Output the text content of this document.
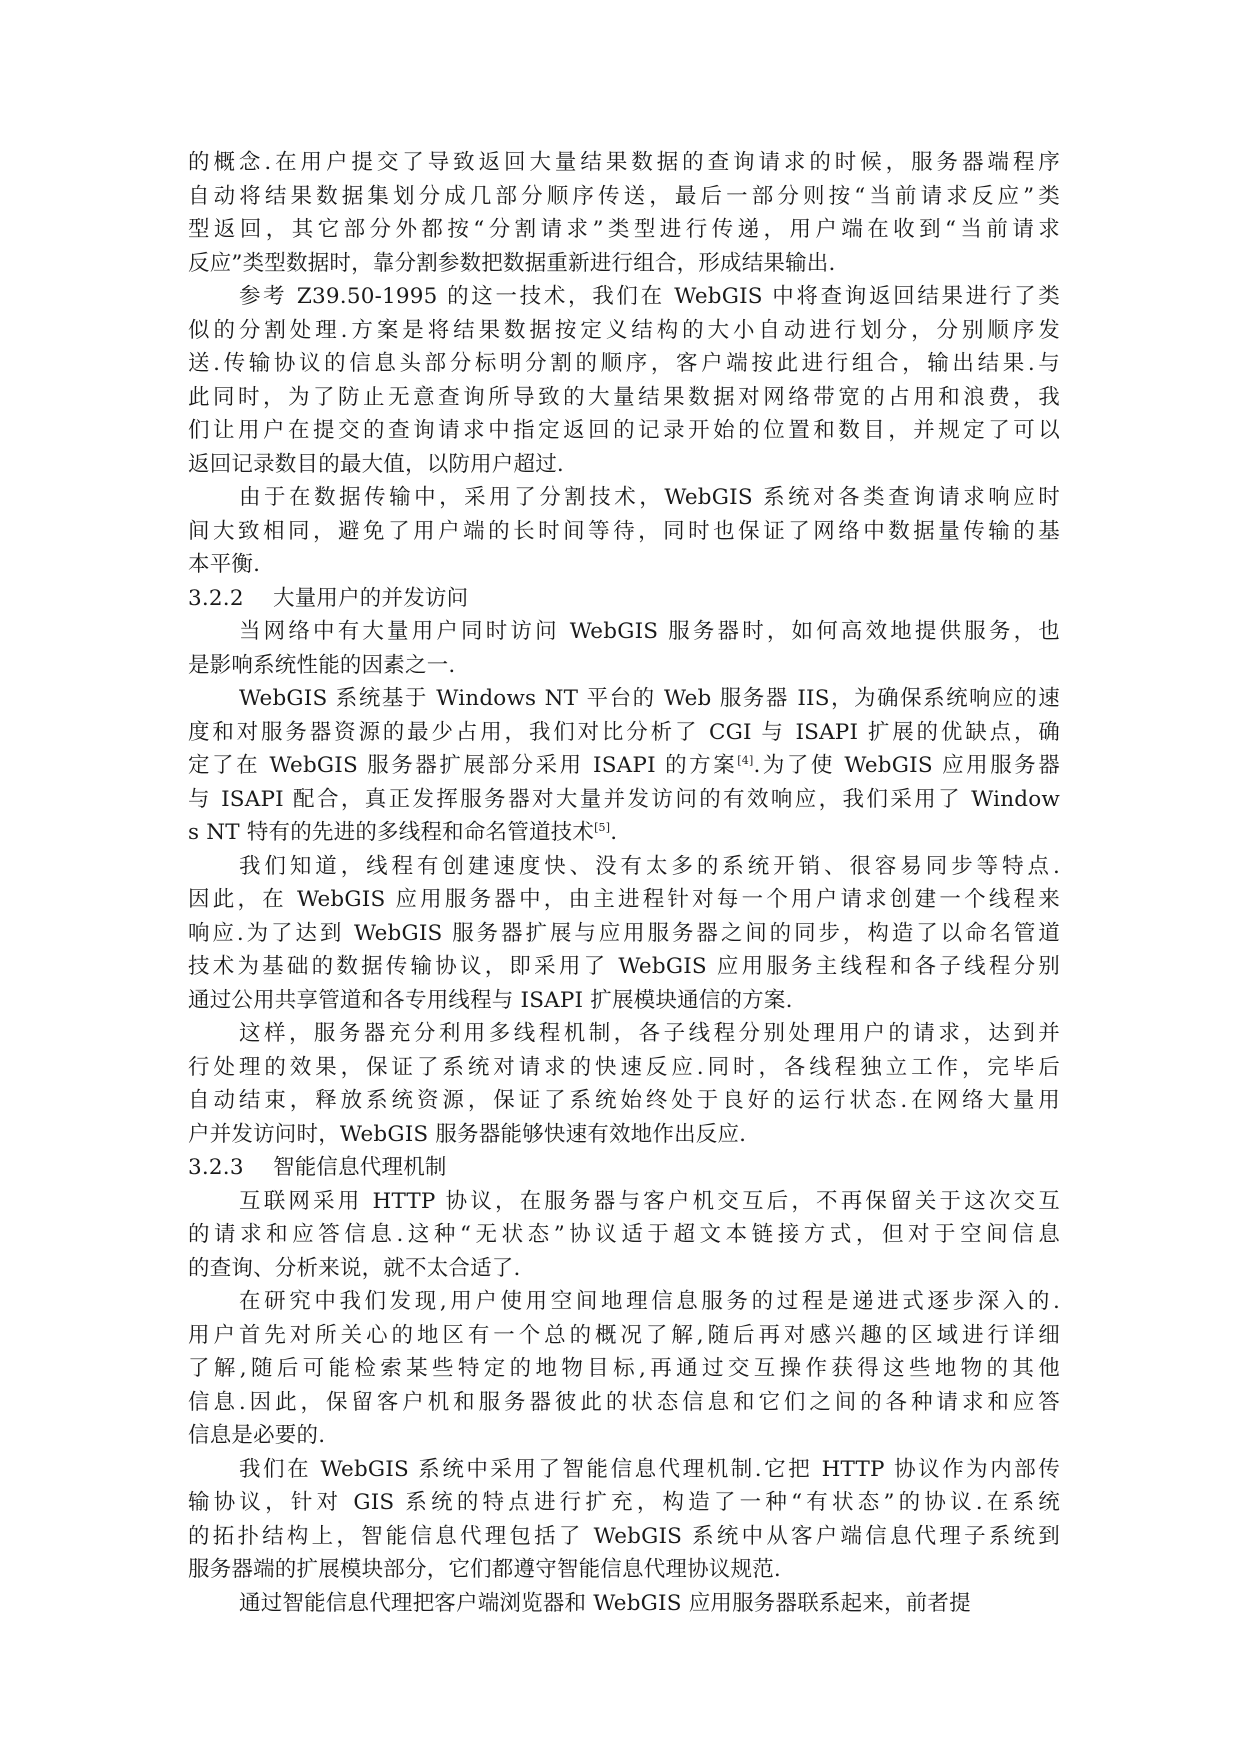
的概念.在用户提交了导致返回大量结果数据的查询请求的时候，服务器端程序
自动将结果数据集划分成几部分顺序传送，最后一部分则按“当前请求反应”类
型返回，其它部分外都按“分割请求”类型进行传递，用户端在收到“当前请求
反应”类型数据时，靠分割参数把数据重新进行组合，形成结果输出.
参考 Z39.50-1995 的这一技术，我们在 WebGIS 中将查询返回结果进行了类
似的分割处理.方案是将结果数据按定义结构的大小自动进行划分，分别顺序发
送.传输协议的信息头部分标明分割的顺序，客户端按此进行组合，输出结果.与
此同时，为了防止无意查询所导致的大量结果数据对网络带宽的占用和浪费，我
们让用户在提交的查询请求中指定返回的记录开始的位置和数目，并规定了可以
返回记录数目的最大值，以防用户超过.
由于在数据传输中，采用了分割技术，WebGIS 系统对各类查询请求响应时
间大致相同，避免了用户端的长时间等待，同时也保证了网络中数据量传输的基
本平衡.
3.2.2 大量用户的并发访问
当网络中有大量用户同时访问 WebGIS 服务器时，如何高效地提供服务，也
是影响系统性能的因素之一.
WebGIS 系统基于 Windows NT 平台的 Web 服务器 IIS，为确保系统响应的速
度和对服务器资源的最少占用，我们对比分析了 CGI 与 ISAPI 扩展的优缺点，确
定了在 WebGIS 服务器扩展部分采用 ISAPI 的方案[4].为了使 WebGIS 应用服务器
与 ISAPI 配合，真正发挥服务器对大量并发访问的有效响应，我们采用了 Window
s NT 特有的先进的多线程和命名管道技术[5].
我们知道，线程有创建速度快、没有太多的系统开销、很容易同步等特点.
因此，在 WebGIS 应用服务器中，由主进程针对每一个用户请求创建一个线程来
响应.为了达到 WebGIS 服务器扩展与应用服务器之间的同步，构造了以命名管道
技术为基础的数据传输协议，即采用了 WebGIS 应用服务主线程和各子线程分别
通过公用共享管道和各专用线程与 ISAPI 扩展模块通信的方案.
这样，服务器充分利用多线程机制，各子线程分别处理用户的请求，达到并
行处理的效果，保证了系统对请求的快速反应.同时，各线程独立工作，完毕后
自动结束，释放系统资源，保证了系统始终处于良好的运行状态.在网络大量用
户并发访问时，WebGIS 服务器能够快速有效地作出反应.
3.2.3 智能信息代理机制
互联网采用 HTTP 协议，在服务器与客户机交互后，不再保留关于这次交互
的请求和应答信息.这种“无状态”协议适于超文本链接方式，但对于空间信息
的查询、分析来说，就不太合适了.
在研究中我们发现,用户使用空间地理信息服务的过程是递进式逐步深入的.
用户首先对所关心的地区有一个总的概况了解,随后再对感兴趣的区域进行详细
了解,随后可能检索某些特定的地物目标,再通过交互操作获得这些地物的其他
信息.因此，保留客户机和服务器彼此的状态信息和它们之间的各种请求和应答
信息是必要的.
我们在 WebGIS 系统中采用了智能信息代理机制.它把 HTTP 协议作为内部传
输协议，针对 GIS 系统的特点进行扩充，构造了一种“有状态”的协议.在系统
的拓扑结构上，智能信息代理包括了 WebGIS 系统中从客户端信息代理子系统到
服务器端的扩展模块部分，它们都遵守智能信息代理协议规范.
通过智能信息代理把客户端浏览器和 WebGIS 应用服务器联系起来，前者提
